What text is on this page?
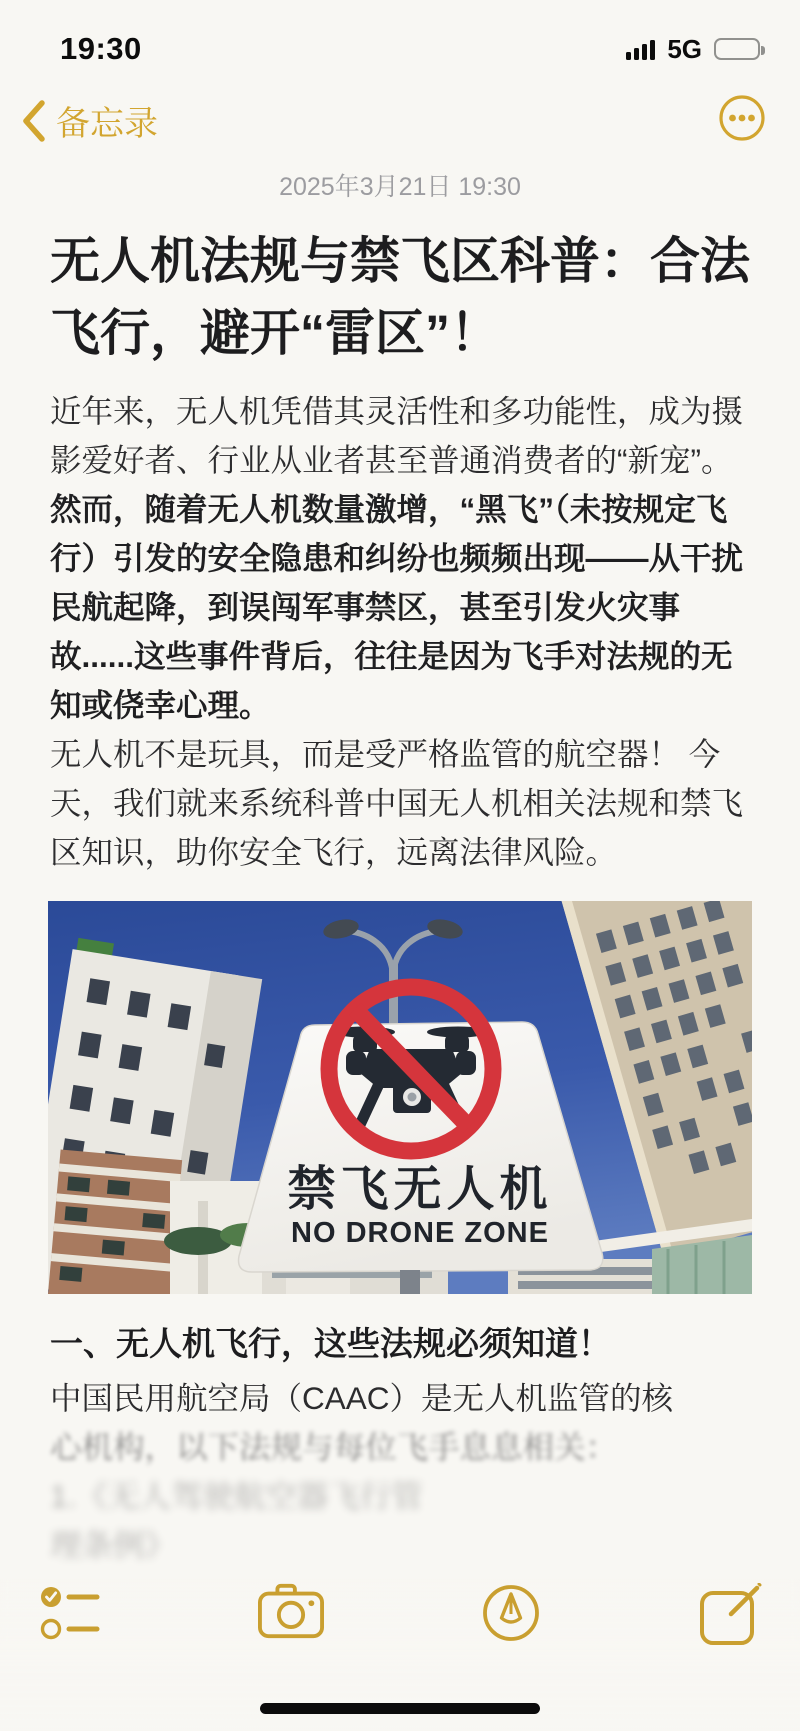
19:30	5G
备忘录
2025年3月21日 19:30
无人机法规与禁飞区科普：合法飞行，避开“雷区”！

近年来，无人机凭借其灵活性和多功能性，成为摄影爱好者、行业从业者甚至普通消费者的“新宠”。然而，随着无人机数量激增，“黑飞”（未按规定飞行）引发的安全隐患和纠纷也频频出现——从干扰民航起降，到误闯军事禁区，甚至引发火灾事故......这些事件背后，往往是因为飞手对法规的无知或侥幸心理。

无人机不是玩具，而是受严格监管的航空器！ 今天，我们就来系统科普中国无人机相关法规和禁飞区知识，助你安全飞行，远离法律风险。

禁飞无人机
NO DRONE ZONE
一、无人机飞行，这些法规必须知道！

中国民用航空局（CAAC）是无人机监管的核
心机构，以下法规与每位飞手息息相关：
1.《无人驾驶航空器飞行管理条例》
